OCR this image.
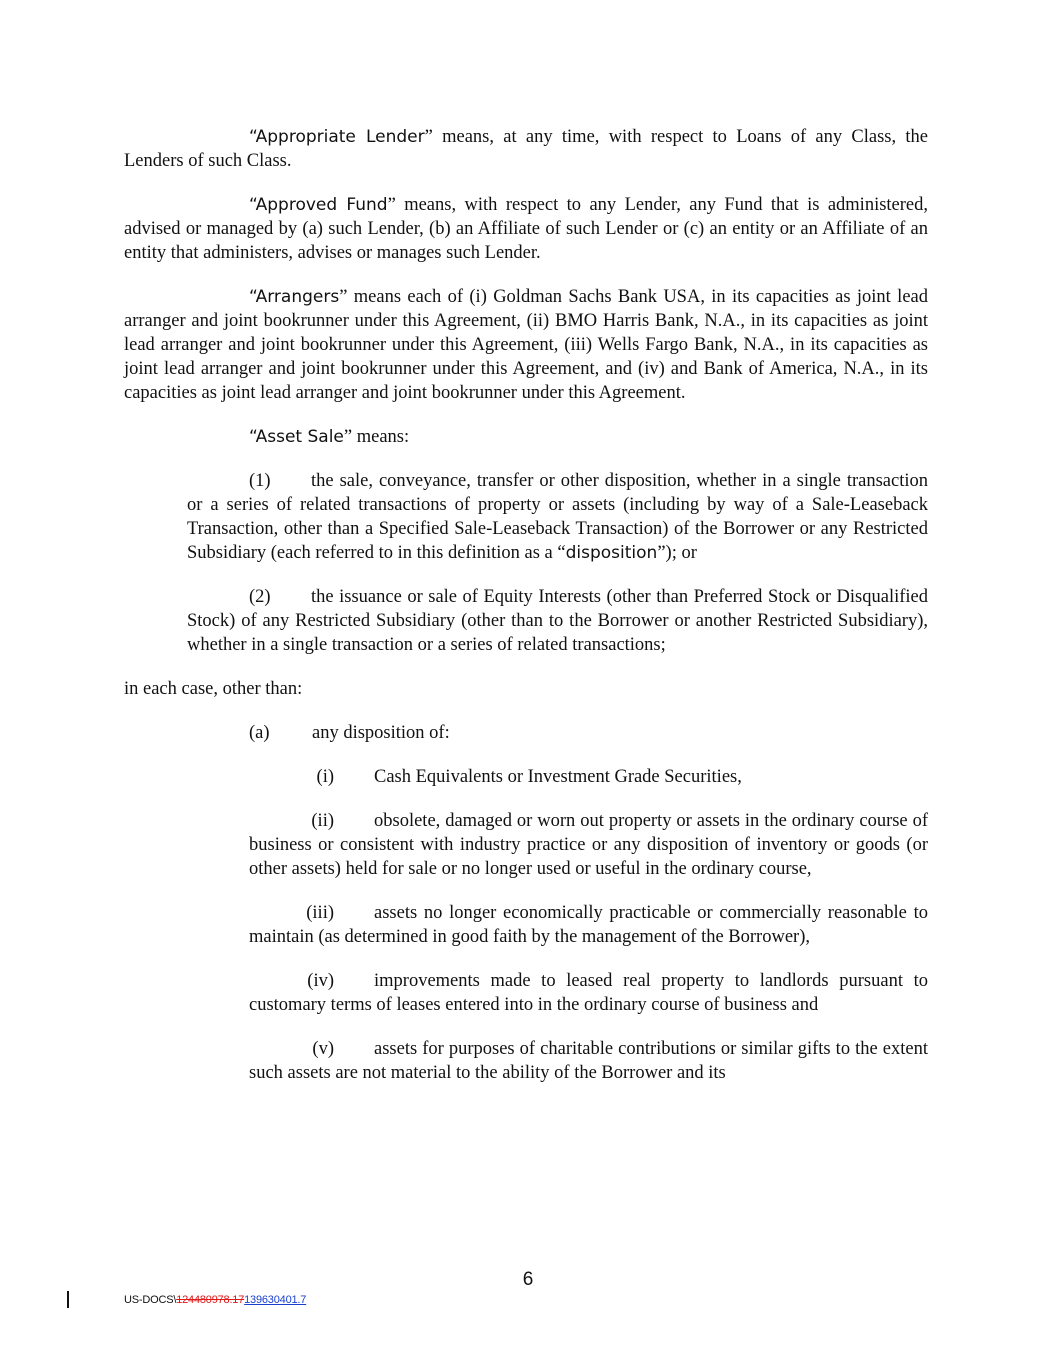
“Appropriate Lender” means, at any time, with respect to Loans of any Class, the Lenders of such Class.

“Approved Fund” means, with respect to any Lender, any Fund that is administered, advised or managed by (a) such Lender, (b) an Affiliate of such Lender or (c) an entity or an Affiliate of an entity that administers, advises or manages such Lender.

“Arrangers” means each of (i) Goldman Sachs Bank USA, in its capacities as joint lead arranger and joint bookrunner under this Agreement, (ii) BMO Harris Bank, N.A., in its capacities as joint lead arranger and joint bookrunner under this Agreement, (iii) Wells Fargo Bank, N.A., in its capacities as joint lead arranger and joint bookrunner under this Agreement, and (iv) and Bank of America, N.A., in its capacities as joint lead arranger and joint bookrunner under this Agreement.

“Asset Sale” means:

(1) the sale, conveyance, transfer or other disposition, whether in a single transaction or a series of related transactions of property or assets (including by way of a Sale-Leaseback Transaction, other than a Specified Sale-Leaseback Transaction) of the Borrower or any Restricted Subsidiary (each referred to in this definition as a “disposition”); or

(2) the issuance or sale of Equity Interests (other than Preferred Stock or Disqualified Stock) of any Restricted Subsidiary (other than to the Borrower or another Restricted Subsidiary), whether in a single transaction or a series of related transactions;

in each case, other than:

(a) any disposition of:

(i) Cash Equivalents or Investment Grade Securities,

(ii) obsolete, damaged or worn out property or assets in the ordinary course of business or consistent with industry practice or any disposition of inventory or goods (or other assets) held for sale or no longer used or useful in the ordinary course,

(iii) assets no longer economically practicable or commercially reasonable to maintain (as determined in good faith by the management of the Borrower),

(iv) improvements made to leased real property to landlords pursuant to customary terms of leases entered into in the ordinary course of business and

(v) assets for purposes of charitable contributions or similar gifts to the extent such assets are not material to the ability of the Borrower and its

6
US-DOCS\124480978.17139630401.7
